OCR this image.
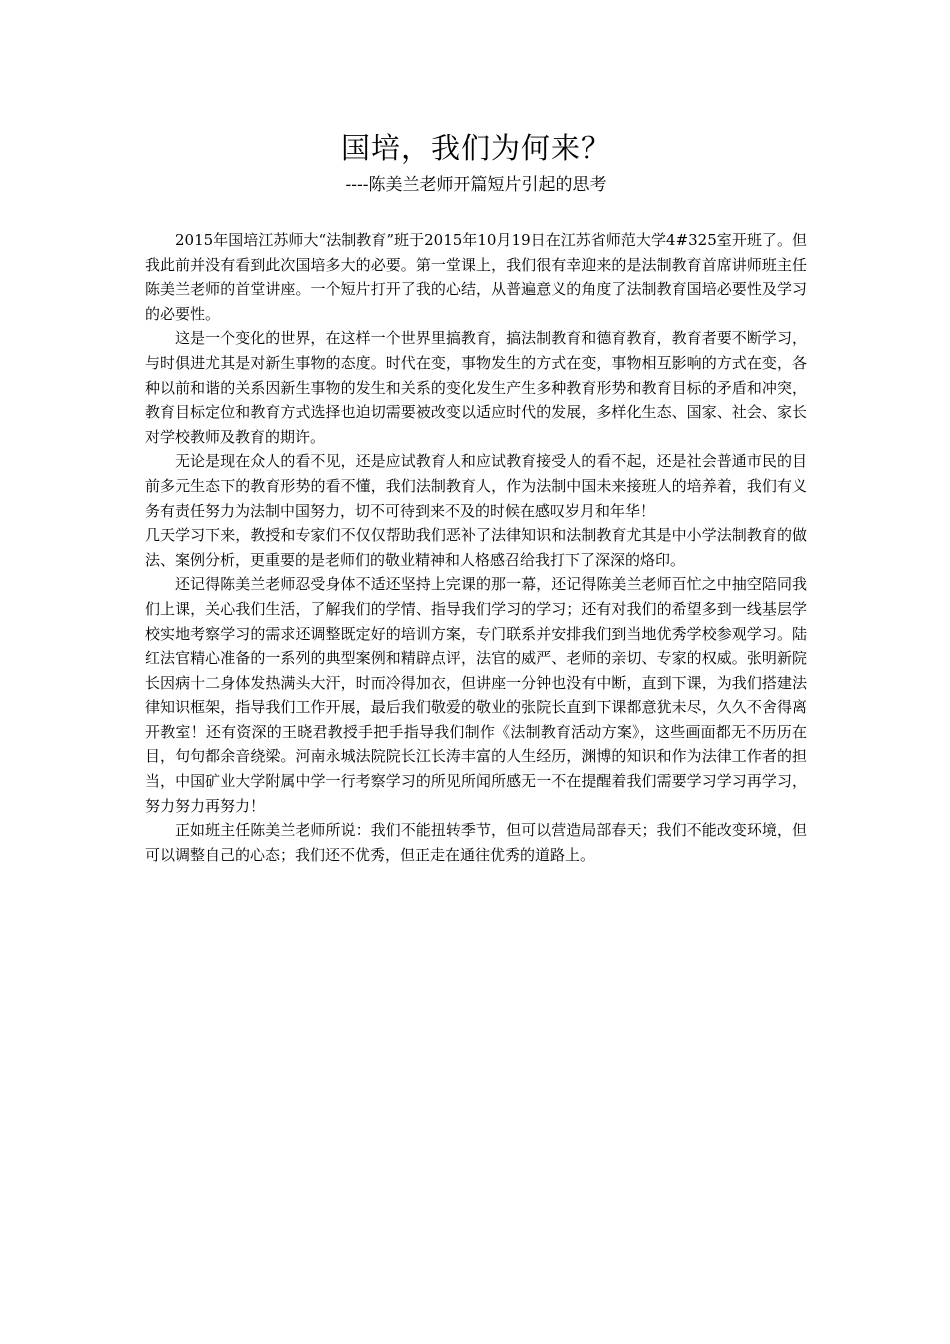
国培，我们为何来？
----陈美兰老师开篇短片引起的思考

2015年国培江苏师大“法制教育”班于2015年10月19日在江苏省师范大学4#325室开班了。但我此前并没有看到此次国培多大的必要。第一堂课上，我们很有幸迎来的是法制教育首席讲师班主任陈美兰老师的首堂讲座。一个短片打开了我的心结，从普遍意义的角度了法制教育国培必要性及学习的必要性。

这是一个变化的世界，在这样一个世界里搞教育，搞法制教育和德育教育，教育者要不断学习，与时俱进尤其是对新生事物的态度。时代在变，事物发生的方式在变，事物相互影响的方式在变，各种以前和谐的关系因新生事物的发生和关系的变化发生产生多种教育形势和教育目标的矛盾和冲突，教育目标定位和教育方式选择也迫切需要被改变以适应时代的发展，多样化生态、国家、社会、家长对学校教师及教育的期许。

无论是现在众人的看不见，还是应试教育人和应试教育接受人的看不起，还是社会普通市民的目前多元生态下的教育形势的看不懂，我们法制教育人，作为法制中国未来接班人的培养着，我们有义务有责任努力为法制中国努力，切不可待到来不及的时候在感叹岁月和年华！

几天学习下来，教授和专家们不仅仅帮助我们恶补了法律知识和法制教育尤其是中小学法制教育的做法、案例分析，更重要的是老师们的敬业精神和人格感召给我打下了深深的烙印。

还记得陈美兰老师忍受身体不适还坚持上完课的那一幕，还记得陈美兰老师百忙之中抽空陪同我们上课，关心我们生活，了解我们的学情、指导我们学习的学习；还有对我们的希望多到一线基层学校实地考察学习的需求还调整既定好的培训方案，专门联系并安排我们到当地优秀学校参观学习。陆红法官精心准备的一系列的典型案例和精辟点评，法官的威严、老师的亲切、专家的权威。张明新院长因病十二身体发热满头大汗，时而冷得加衣，但讲座一分钟也没有中断，直到下课，为我们搭建法律知识框架，指导我们工作开展，最后我们敬爱的敬业的张院长直到下课都意犹未尽，久久不舍得离开教室！还有资深的王晓君教授手把手指导我们制作《法制教育活动方案》，这些画面都无不历历在目，句句都余音绕梁。河南永城法院院长江长涛丰富的人生经历，渊博的知识和作为法律工作者的担当，中国矿业大学附属中学一行考察学习的所见所闻所感无一不在提醒着我们需要学习学习再学习，努力努力再努力！

正如班主任陈美兰老师所说：我们不能扭转季节，但可以营造局部春天；我们不能改变环境，但可以调整自己的心态；我们还不优秀，但正走在通往优秀的道路上。
